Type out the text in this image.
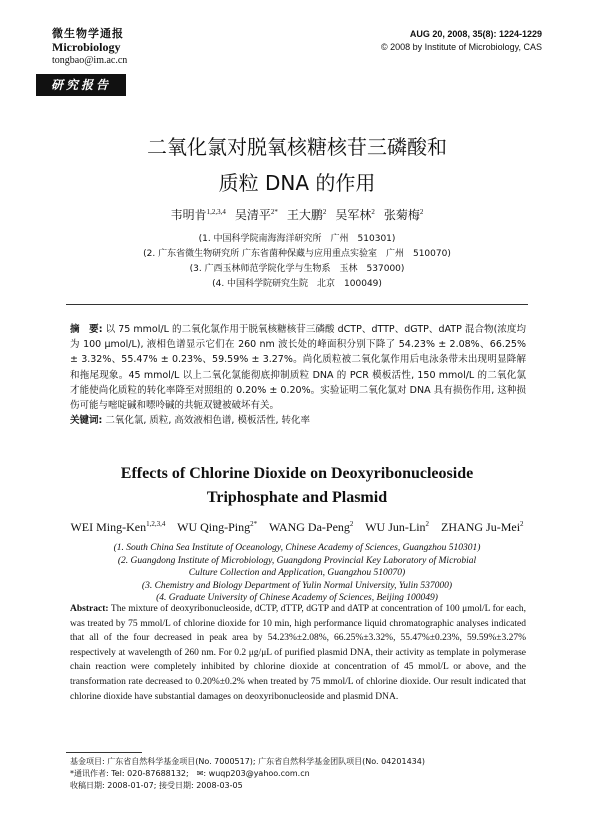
微生物学通报
Microbiology
tongbao@im.ac.cn
AUG 20, 2008, 35(8): 1224-1229
© 2008 by Institute of Microbiology, CAS
研究报告
二氧化氯对脱氧核糖核苷三磷酸和
质粒 DNA 的作用
韦明肯$^{1,2,3,4}$ 吴清平$^{2*}$ 王大鹏$^2$ 吴军林$^2$ 张菊梅$^2$
(1. 中国科学院南海海洋研究所　广州　510301)
(2. 广东省微生物研究所 广东省菌种保藏与应用重点实验室　广州　510070)
(3. 广西玉林师范学院化学与生物系　玉林　537000)
(4. 中国科学院研究生院　北京　100049)
摘　要: 以 75 mmol/L 的二氧化氯作用于脱氧核糖核苷三磷酸 dCTP、dTTP、dGTP、dATP 混合物(浓度均为 100 μmol/L), 液相色谱显示它们在 260 nm 波长处的峰面积分别下降了 54.23% ± 2.08%、66.25% ± 3.32%、55.47% ± 0.23%、59.59% ± 3.27%。尚化质粒被二氧化氯作用后电泳条带未出现明显降解和拖尾现象。45 mmol/L 以上二氧化氯能彻底抑制质粒 DNA 的 PCR 模板活性, 150 mmol/L 的二氧化氯才能使尚化质粒的转化率降至对照组的 0.20% ± 0.20%。实验证明二氧化氯对 DNA 具有损伤作用, 这种损伤可能与嘧啶碱和嘌呤碱的共轭双键被破坏有关。
关键词: 二氧化氯, 质粒, 高效液相色谱, 模板活性, 转化率
Effects of Chlorine Dioxide on Deoxyribonucleoside
Triphosphate and Plasmid
WEI Ming-Ken$^{1,2,3,4}$ WU Qing-Ping$^{2*}$ WANG Da-Peng$^2$ WU Jun-Lin$^2$ ZHANG Ju-Mei$^2$
(1. South China Sea Institute of Oceanology, Chinese Academy of Sciences, Guangzhou 510301)
(2. Guangdong Institute of Microbiology, Guangdong Provincial Key Laboratory of Microbial
Culture Collection and Application, Guangzhou 510070)
(3. Chemistry and Biology Department of Yulin Normal University, Yulin 537000)
(4. Graduate University of Chinese Academy of Sciences, Beijing 100049)
Abstract: The mixture of deoxyribonucleoside, dCTP, dTTP, dGTP and dATP at concentration of 100 μmol/L for each, was treated by 75 mmol/L of chlorine dioxide for 10 min, high performance liquid chromatographic analyses indicated that all of the four decreased in peak area by 54.23%±2.08%, 66.25%±3.32%, 55.47%±0.23%, 59.59%±3.27% respectively at wavelength of 260 nm. For 0.2 μg/μL of purified plasmid DNA, their activity as template in polymerase chain reaction were completely inhibited by chlorine dioxide at concentration of 45 mmol/L or above, and the transformation rate decreased to 0.20%±0.2% when treated by 75 mmol/L of chlorine dioxide. Our result indicated that chlorine dioxide have substantial damages on deoxyribonucleoside and plasmid DNA.
基金项目: 广东省自然科学基金项目(No. 7000517); 广东省自然科学基金团队项目(No. 04201434)
*通讯作者: Tel: 020-87688132;　✉: wuqp203@yahoo.com.cn
收稿日期: 2008-01-07; 接受日期: 2008-03-05
